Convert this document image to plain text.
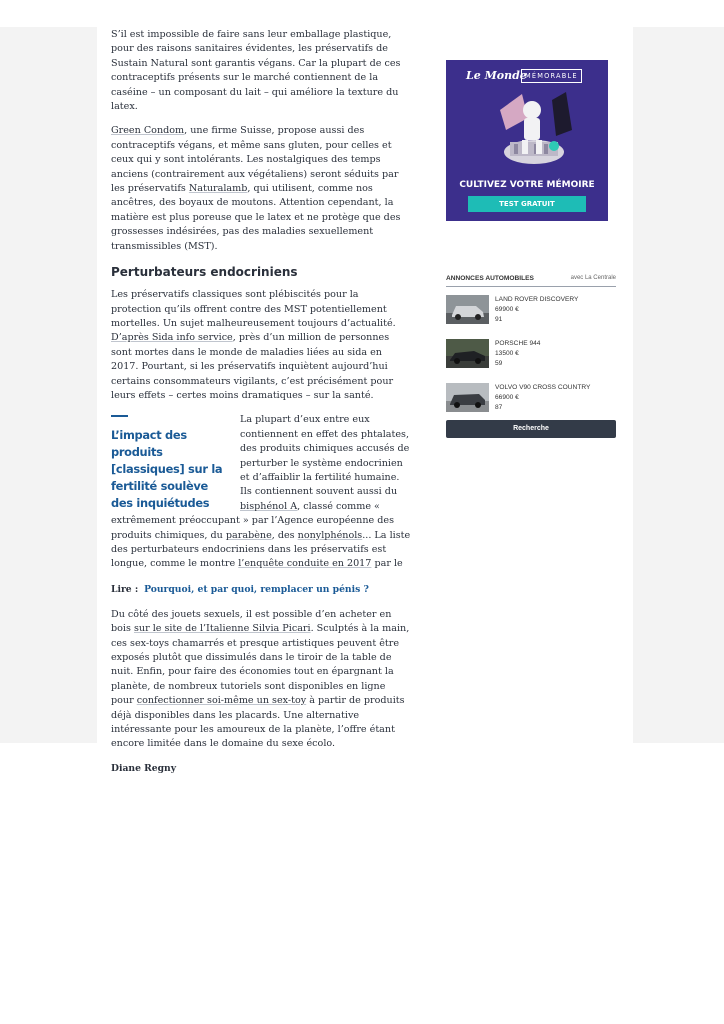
S’il est impossible de faire sans leur emballage plastique, pour des raisons sanitaires évidentes, les préservatifs de Sustain Natural sont garantis végans. Car la plupart de ces contraceptifs présents sur le marché contiennent de la caséine – un composant du lait – qui améliore la texture du latex.

Green Condom, une firme Suisse, propose aussi des contraceptifs végans, et même sans gluten, pour celles et ceux qui y sont intolérants. Les nostalgiques des temps anciens (contrairement aux végétaliens) seront séduits par les préservatifs Naturalamb, qui utilisent, comme nos ancêtres, des boyaux de moutons. Attention cependant, la matière est plus poreuse que le latex et ne protège que des grossesses indésirées, pas des maladies sexuellement transmissibles (MST).

Perturbateurs endocriniens

Les préservatifs classiques sont plébiscités pour la protection qu’ils offrent contre des MST potentiellement mortelles. Un sujet malheureusement toujours d’actualité. D’après Sida info service, près d’un million de personnes sont mortes dans le monde de maladies liées au sida en 2017. Pourtant, si les préservatifs inquiètent aujourd’hui certains consommateurs vigilants, c’est précisément pour leurs effets – certes moins dramatiques – sur la santé.

La plupart d’eux entre eux contiennent en effet des phtalates, des produits chimiques accusés de perturber le système endocrinien et d’affaiblir la fertilité humaine. Ils contiennent souvent aussi du bisphénol A, classé comme « extrêmement préoccupant » par l’Agence européenne des produits chimiques, du parabène, des nonylphénols... La liste des perturbateurs endocriniens dans les préservatifs est longue, comme le montre l’enquête conduite en 2017 par le
L’impact des produits [classiques] sur la fertilité soulève des inquiétudes

Lire : Pourquoi, et par quoi, remplacer un pénis ?

Du côté des jouets sexuels, il est possible d’en acheter en bois sur le site de l’Italienne Silvia Picari. Sculptés à la main, ces sex-toys chamarrés et presque artistiques peuvent être exposés plutôt que dissimulés dans le tiroir de la table de nuit. Enfin, pour faire des économies tout en épargnant la planète, de nombreux tutoriels sont disponibles en ligne pour confectionner soi-même un sex-toy à partir de produits déjà disponibles dans les placards. Une alternative intéressante pour les amoureux de la planète, l’offre étant encore limitée dans le domaine du sexe écolo.

Diane Regny
Le Monde
MÉMORABLE
CULTIVEZ VOTRE MÉMOIRE
TEST GRATUIT
ANNONCES AUTOMOBILES	avec La Centrale
LAND ROVER DISCOVERY
69900 €
91
PORSCHE 944
13500 €
59
VOLVO V90 CROSS COUNTRY
66900 €
87
Recherche
